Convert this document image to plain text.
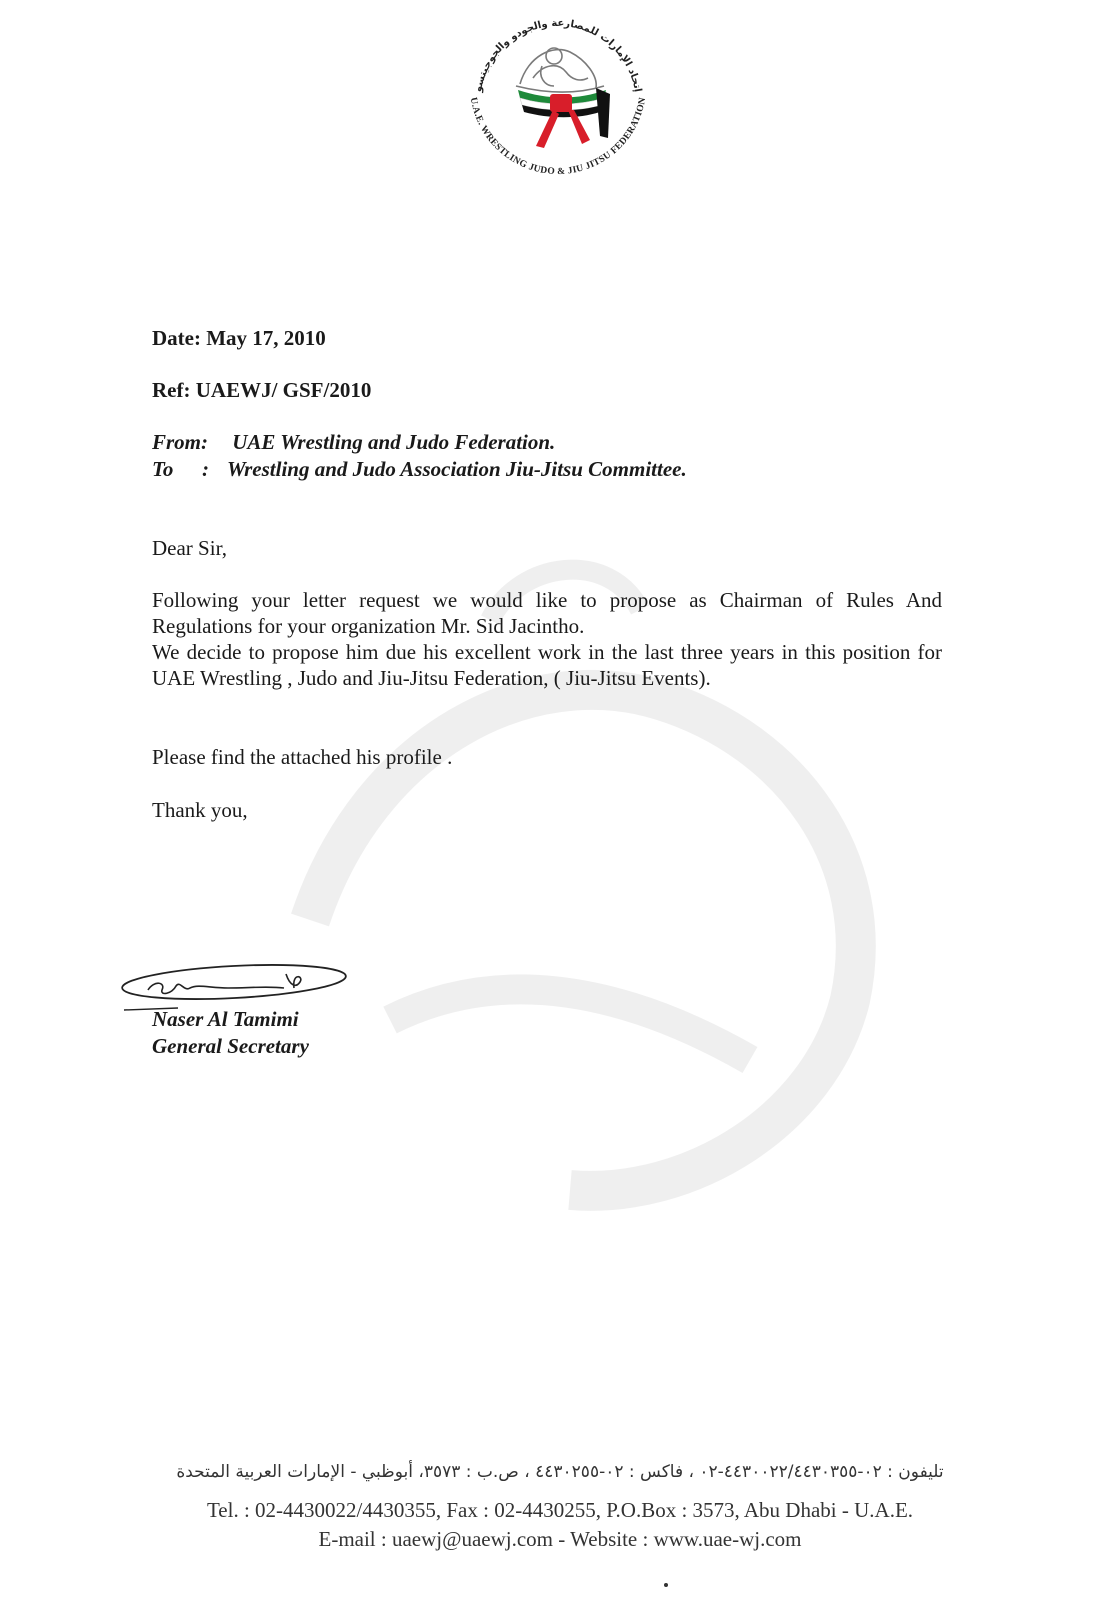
إتحاد الإمارات للمصارعة والجودو والجوجيتسو
U.A.E. WRESTLING JUDO & JIU JITSU FEDERATION
Date: May 17, 2010
Ref: UAEWJ/ GSF/2010
From: UAE Wrestling and Judo Federation.
To : Wrestling and Judo Association Jiu-Jitsu Committee.
Dear Sir,
Following your letter request we would like to propose as Chairman of Rules And Regulations for your organization Mr. Sid Jacintho.
We decide to propose him due his excellent work in the last three years in this position for UAE Wrestling , Judo and Jiu-Jitsu Federation, ( Jiu-Jitsu Events).
Please find the attached his profile .
Thank you,
Naser Al Tamimi
General Secretary
تليفون : ٠٢-٤٤٣٠٠٢٢/٤٤٣٠٣٥٥-٠٢ ، فاكس : ٠٢-٤٤٣٠٢٥٥ ، ص.ب : ٣٥٧٣، أبوظبي - الإمارات العربية المتحدة
Tel. : 02-4430022/4430355, Fax : 02-4430255, P.O.Box : 3573, Abu Dhabi - U.A.E.
E-mail : uaewj@uaewj.com - Website : www.uae-wj.com
